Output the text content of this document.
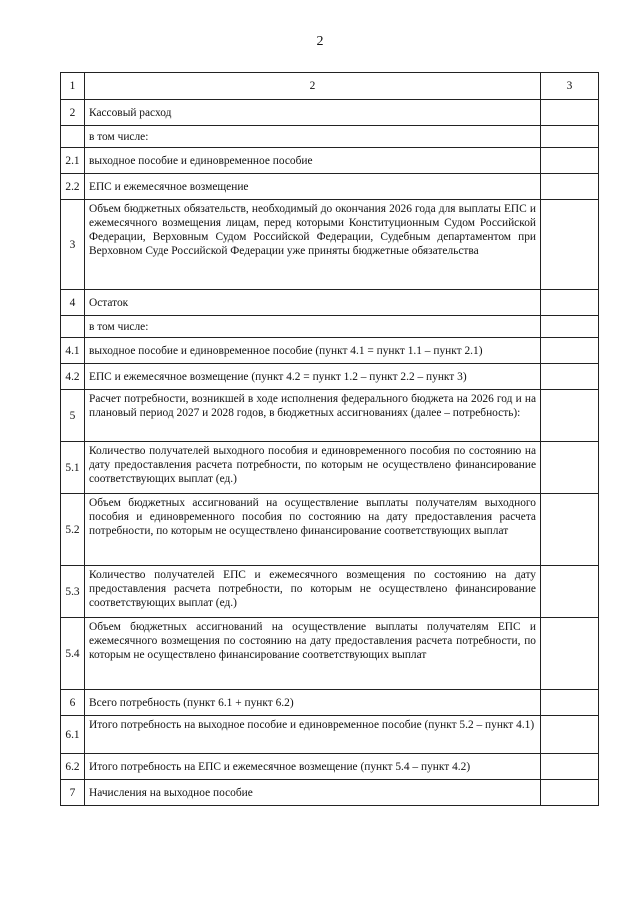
2
1	2	3
2	Кассовый расход	
	в том числе:	
2.1	выходное пособие и единовременное пособие	
2.2	ЕПС и ежемесячное возмещение	
3	Объем бюджетных обязательств, необходимый до окончания 2026 года для выплаты ЕПС и ежемесячного возмещения лицам, перед которыми Конституционным Судом Российской Федерации, Верховным Судом Российской Федерации, Судебным департаментом при Верховном Суде Российской Федерации уже приняты бюджетные обязательства	
4	Остаток	
	в том числе:	
4.1	выходное пособие и единовременное пособие (пункт 4.1 = пункт 1.1 – пункт 2.1)	
4.2	ЕПС и ежемесячное возмещение (пункт 4.2 = пункт 1.2 – пункт 2.2 – пункт 3)	
5	Расчет потребности, возникшей в ходе исполнения федерального бюджета на 2026 год и на плановый период 2027 и 2028 годов, в бюджетных ассигнованиях (далее – потребность):	
5.1	Количество получателей выходного пособия и единовременного пособия по состоянию на дату предоставления расчета потребности, по которым не осуществлено финансирование соответствующих выплат (ед.)	
5.2	Объем бюджетных ассигнований на осуществление выплаты получателям выходного пособия и единовременного пособия по состоянию на дату предоставления расчета потребности, по которым не осуществлено финансирование соответствующих выплат	
5.3	Количество получателей ЕПС и ежемесячного возмещения по состоянию на дату предоставления расчета потребности, по которым не осуществлено финансирование соответствующих выплат (ед.)	
5.4	Объем бюджетных ассигнований на осуществление выплаты получателям ЕПС и ежемесячного возмещения по состоянию на дату предоставления расчета потребности, по которым не осуществлено финансирование соответствующих выплат	
6	Всего потребность (пункт 6.1 + пункт 6.2)	
6.1	Итого потребность на выходное пособие и единовременное пособие (пункт 5.2 – пункт 4.1)	
6.2	Итого потребность на ЕПС и ежемесячное возмещение (пункт 5.4 – пункт 4.2)	
7	Начисления на выходное пособие	
